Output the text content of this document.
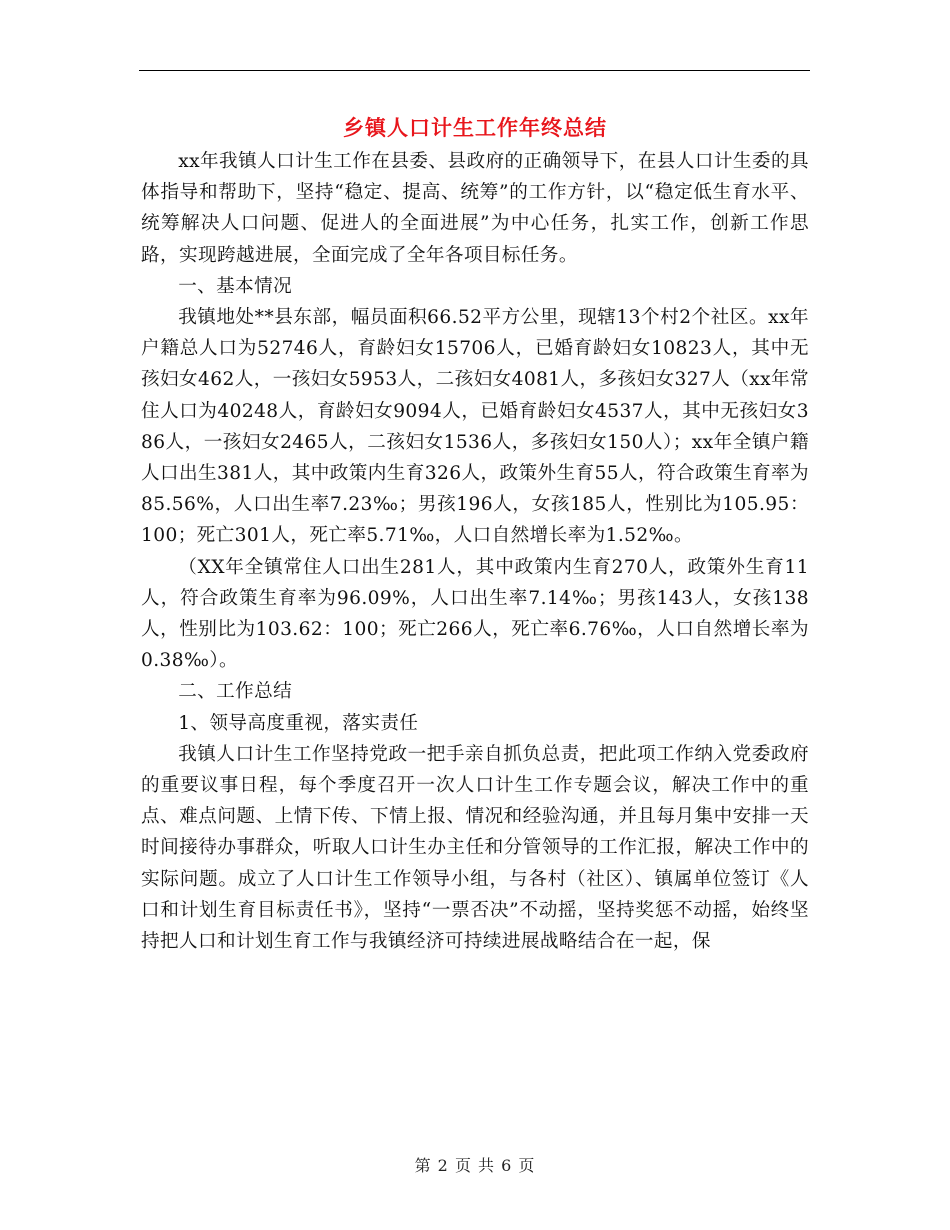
乡镇人口计生工作年终总结

xx年我镇人口计生工作在县委、县政府的正确领导下，在县人口计生委的具体指导和帮助下，坚持“稳定、提高、统筹”的工作方针，以“稳定低生育水平、统筹解决人口问题、促进人的全面进展”为中心任务，扎实工作，创新工作思路，实现跨越进展，全面完成了全年各项目标任务。

一、基本情况

我镇地处**县东部，幅员面积66.52平方公里，现辖13个村2个社区。xx年户籍总人口为52746人，育龄妇女15706人，已婚育龄妇女10823人，其中无孩妇女462人，一孩妇女5953人，二孩妇女4081人，多孩妇女327人（xx年常住人口为40248人，育龄妇女9094人，已婚育龄妇女4537人，其中无孩妇女386人，一孩妇女2465人，二孩妇女1536人，多孩妇女150人）；xx年全镇户籍人口出生381人，其中政策内生育326人，政策外生育55人，符合政策生育率为85.56%，人口出生率7.23‰；男孩196人，女孩185人，性别比为105.95：100；死亡301人，死亡率5.71‰，人口自然增长率为1.52‰。

（XX年全镇常住人口出生281人，其中政策内生育270人，政策外生育11人，符合政策生育率为96.09%，人口出生率7.14‰；男孩143人，女孩138人，性别比为103.62：100；死亡266人，死亡率6.76‰，人口自然增长率为0.38‰）。

二、工作总结

1、领导高度重视，落实责任

我镇人口计生工作坚持党政一把手亲自抓负总责，把此项工作纳入党委政府的重要议事日程，每个季度召开一次人口计生工作专题会议，解决工作中的重点、难点问题、上情下传、下情上报、情况和经验沟通，并且每月集中安排一天时间接待办事群众，听取人口计生办主任和分管领导的工作汇报，解决工作中的实际问题。成立了人口计生工作领导小组，与各村（社区）、镇属单位签订《人口和计划生育目标责任书》，坚持“一票否决”不动摇，坚持奖惩不动摇，始终坚持把人口和计划生育工作与我镇经济可持续进展战略结合在一起，保

第 2 页 共 6 页
